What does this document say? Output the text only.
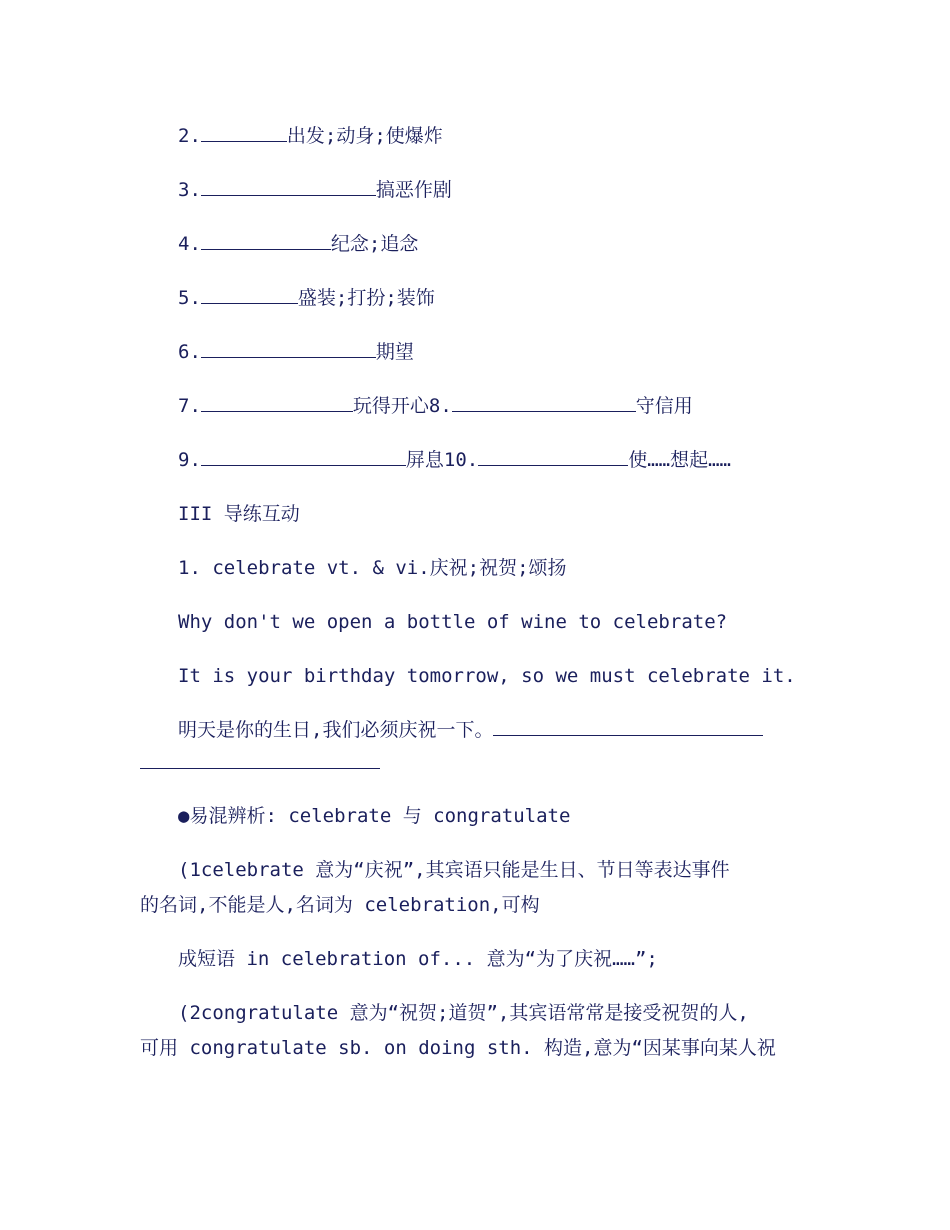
2.	出发;动身;使爆炸
3.	搞恶作剧
4.	纪念;追念
5.	盛装;打扮;装饰
6.	期望
7.	玩得开心8.	守信用
9.	屏息10.	使……想起……
III 导练互动
1. celebrate vt. & vi.庆祝;祝贺;颂扬
Why don't we open a bottle of wine to celebrate?
It is your birthday tomorrow, so we must celebrate it.
明天是你的生日,我们必须庆祝一下。
●易混辨析: celebrate 与 congratulate
(1celebrate 意为“庆祝”,其宾语只能是生日、节日等表达事件
的名词,不能是人,名词为 celebration,可构
成短语 in celebration of... 意为“为了庆祝……”;
(2congratulate 意为“祝贺;道贺”,其宾语常常是接受祝贺的人,
可用 congratulate sb. on doing sth. 构造,意为“因某事向某人祝
